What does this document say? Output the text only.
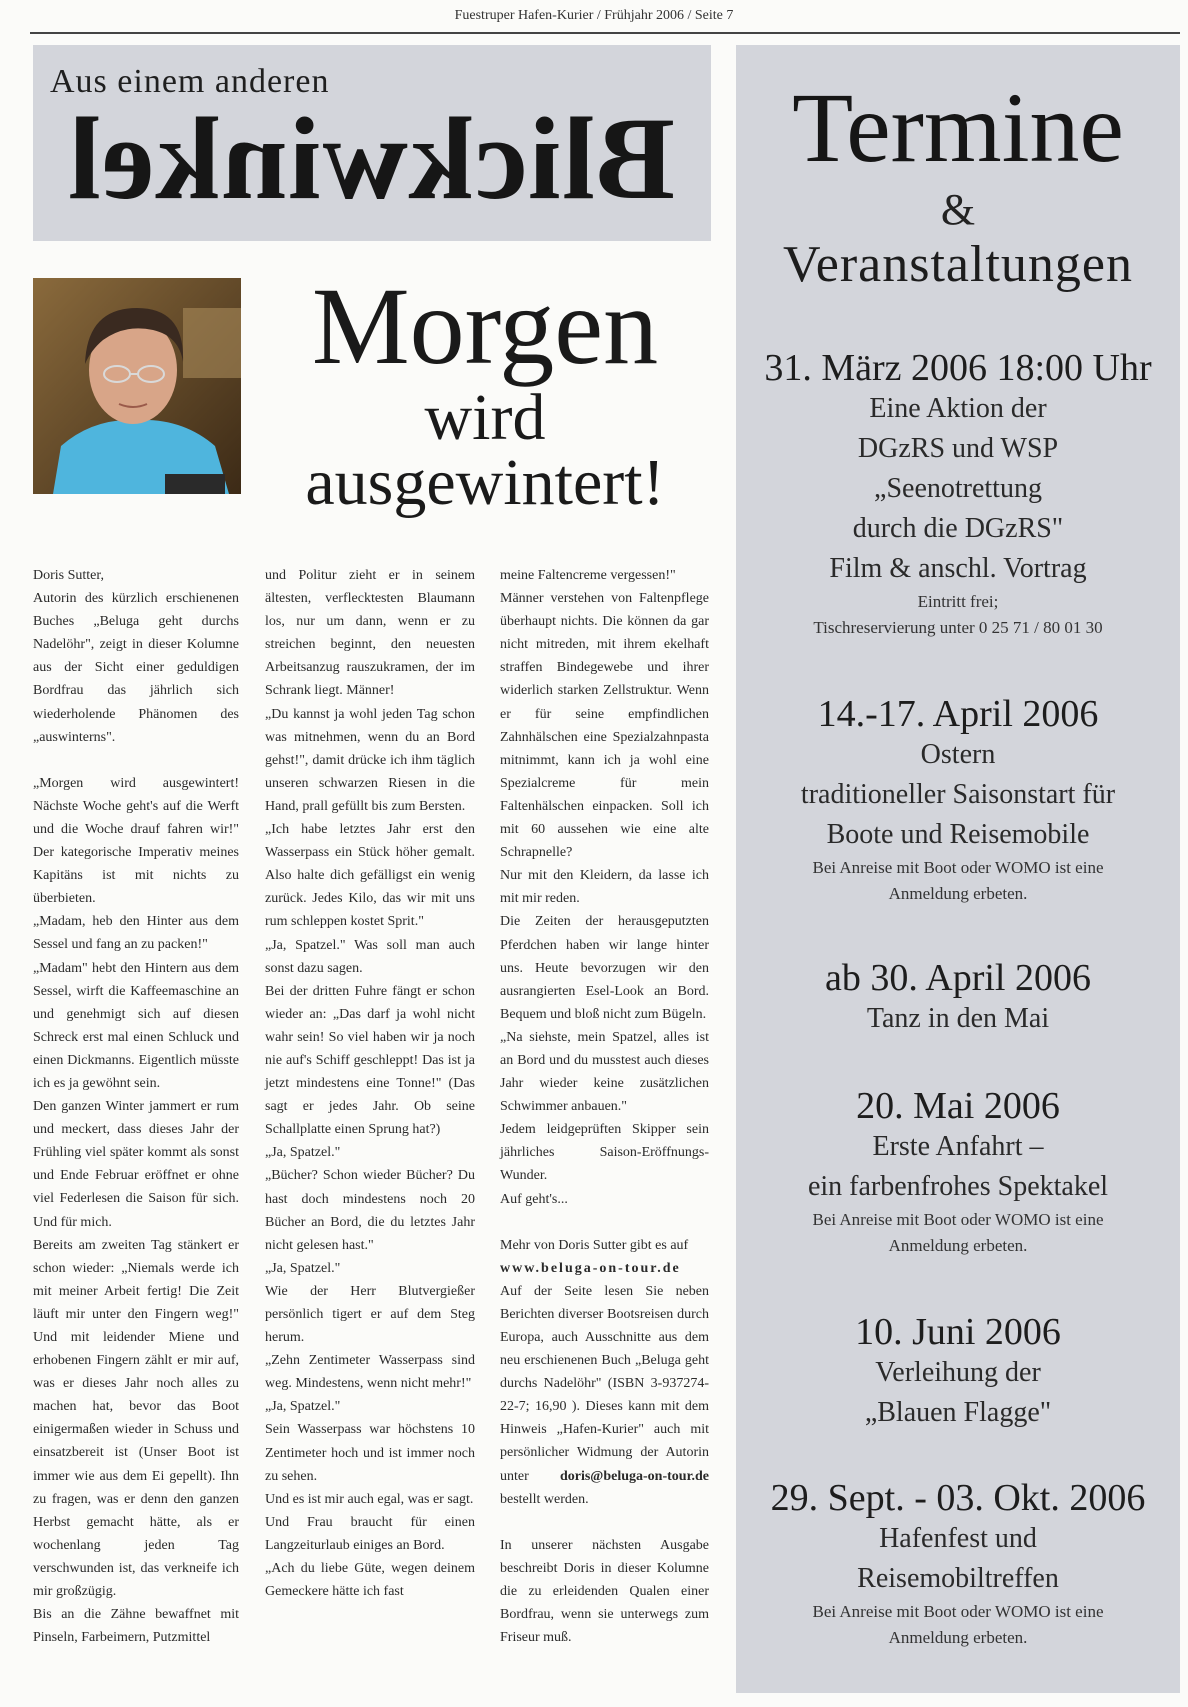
Fuestruper Hafen-Kurier / Frühjahr 2006 / Seite 7
Aus einem anderen
Blickwinkel
Morgen
wird
ausgewintert!

Doris Sutter,

Autorin des kürzlich erschienenen Buches „Beluga geht durchs Nadelöhr", zeigt in dieser Kolumne aus der Sicht einer geduldigen Bordfrau das jährlich sich wiederholende Phänomen des „auswinterns".

„Morgen wird ausgewintert! Nächste Woche geht's auf die Werft und die Woche drauf fahren wir!" Der kategorische Imperativ meines Kapitäns ist mit nichts zu überbieten.

„Madam, heb den Hinter aus dem Sessel und fang an zu packen!"

„Madam" hebt den Hintern aus dem Sessel, wirft die Kaffeemaschine an und genehmigt sich auf diesen Schreck erst mal einen Schluck und einen Dickmanns. Eigentlich müsste ich es ja gewöhnt sein.

Den ganzen Winter jammert er rum und meckert, dass dieses Jahr der Frühling viel später kommt als sonst und Ende Februar eröffnet er ohne viel Federlesen die Saison für sich. Und für mich.

Bereits am zweiten Tag stänkert er schon wieder: „Niemals werde ich mit meiner Arbeit fertig! Die Zeit läuft mir unter den Fingern weg!" Und mit leidender Miene und erhobenen Fingern zählt er mir auf, was er dieses Jahr noch alles zu machen hat, bevor das Boot einigermaßen wieder in Schuss und einsatzbereit ist (Unser Boot ist immer wie aus dem Ei gepellt). Ihn zu fragen, was er denn den ganzen Herbst gemacht hätte, als er wochenlang jeden Tag verschwunden ist, das verkneife ich mir großzügig.

Bis an die Zähne bewaffnet mit Pinseln, Farbeimern, Putzmittel

und Politur zieht er in seinem ältesten, verflecktesten Blaumann los, nur um dann, wenn er zu streichen beginnt, den neuesten Arbeitsanzug rauszukramen, der im Schrank liegt. Männer!

„Du kannst ja wohl jeden Tag schon was mitnehmen, wenn du an Bord gehst!", damit drücke ich ihm täglich unseren schwarzen Riesen in die Hand, prall gefüllt bis zum Bersten.

„Ich habe letztes Jahr erst den Wasserpass ein Stück höher gemalt. Also halte dich gefälligst ein wenig zurück. Jedes Kilo, das wir mit uns rum schleppen kostet Sprit."

„Ja, Spatzel." Was soll man auch sonst dazu sagen.

Bei der dritten Fuhre fängt er schon wieder an: „Das darf ja wohl nicht wahr sein! So viel haben wir ja noch nie auf's Schiff geschleppt! Das ist ja jetzt mindestens eine Tonne!" (Das sagt er jedes Jahr. Ob seine Schallplatte einen Sprung hat?)

„Ja, Spatzel."

„Bücher? Schon wieder Bücher? Du hast doch mindestens noch 20 Bücher an Bord, die du letztes Jahr nicht gelesen hast."

„Ja, Spatzel."

Wie der Herr Blutvergießer persönlich tigert er auf dem Steg herum.

„Zehn Zentimeter Wasserpass sind weg. Mindestens, wenn nicht mehr!"

„Ja, Spatzel."

Sein Wasserpass war höchstens 10 Zentimeter hoch und ist immer noch zu sehen.

Und es ist mir auch egal, was er sagt.

Und Frau braucht für einen Langzeiturlaub einiges an Bord.

„Ach du liebe Güte, wegen deinem Gemeckere hätte ich fast

meine Faltencreme vergessen!"

Männer verstehen von Faltenpflege überhaupt nichts. Die können da gar nicht mitreden, mit ihrem ekelhaft straffen Bindegewebe und ihrer widerlich starken Zellstruktur. Wenn er für seine empfindlichen Zahnhälschen eine Spezialzahnpasta mitnimmt, kann ich ja wohl eine Spezialcreme für mein Faltenhälschen einpacken. Soll ich mit 60 aussehen wie eine alte Schrapnelle?

Nur mit den Kleidern, da lasse ich mit mir reden.

Die Zeiten der herausgeputzten Pferdchen haben wir lange hinter uns. Heute bevorzugen wir den ausrangierten Esel-Look an Bord. Bequem und bloß nicht zum Bügeln.

„Na siehste, mein Spatzel, alles ist an Bord und du musstest auch dieses Jahr wieder keine zusätzlichen Schwimmer anbauen."

Jedem leidgeprüften Skipper sein jährliches Saison-Eröffnungs-Wunder.

Auf geht's...

Mehr von Doris Sutter gibt es auf

www.beluga-on-tour.de

Auf der Seite lesen Sie neben Berichten diverser Bootsreisen durch Europa, auch Ausschnitte aus dem neu erschienenen Buch „Beluga geht durchs Nadelöhr" (ISBN 3-937274-22-7; 16,90 ). Dieses kann mit dem Hinweis „Hafen-Kurier" auch mit persönlicher Widmung der Autorin unter doris@beluga-on-tour.de bestellt werden.

In unserer nächsten Ausgabe beschreibt Doris in dieser Kolumne die zu erleidenden Qualen einer Bordfrau, wenn sie unterwegs zum Friseur muß.

Termine
&
Veranstaltungen
31. März 2006 18:00 Uhr
Eine Aktion der
DGzRS und WSP
„Seenotrettung
durch die DGzRS"
Film & anschl. Vortrag
Eintritt frei;
Tischreservierung unter 0 25 71 / 80 01 30
14.-17. April 2006
Ostern
traditioneller Saisonstart für
Boote und Reisemobile
Bei Anreise mit Boot oder WOMO ist eine
Anmeldung erbeten.
ab 30. April 2006
Tanz in den Mai
20. Mai 2006
Erste Anfahrt –
ein farbenfrohes Spektakel
Bei Anreise mit Boot oder WOMO ist eine
Anmeldung erbeten.
10. Juni 2006
Verleihung der
„Blauen Flagge"
29. Sept. - 03. Okt. 2006
Hafenfest und
Reisemobiltreffen
Bei Anreise mit Boot oder WOMO ist eine
Anmeldung erbeten.
